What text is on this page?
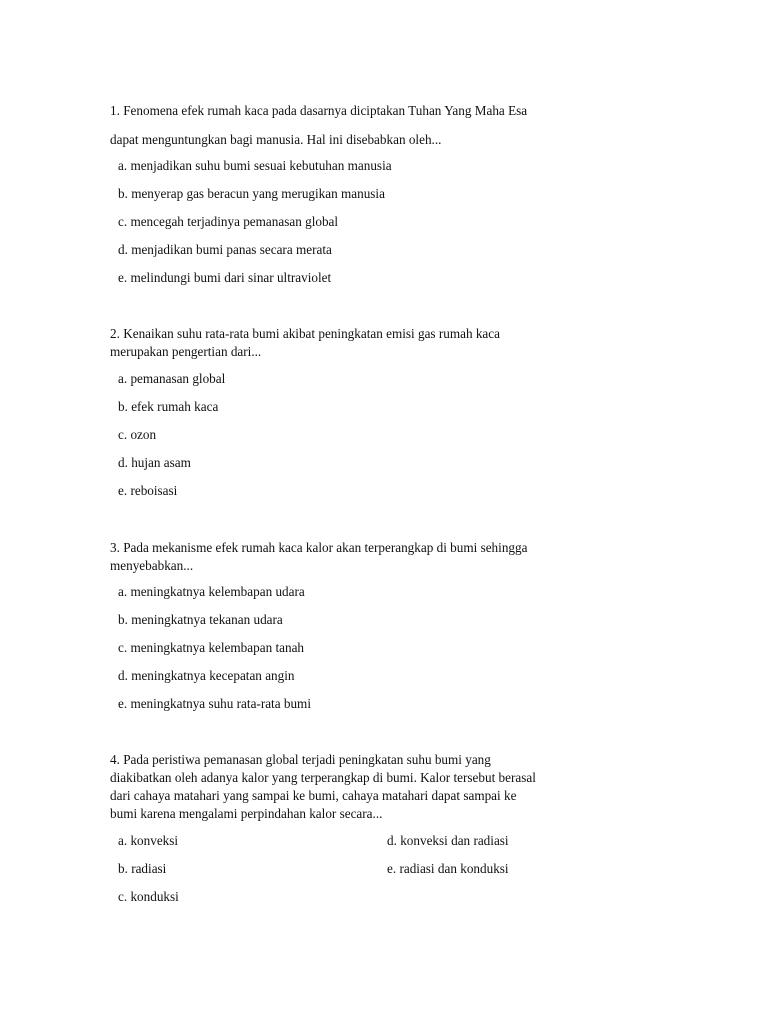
1. Fenomena efek rumah kaca pada dasarnya diciptakan Tuhan Yang Maha Esa
dapat menguntungkan bagi manusia. Hal ini disebabkan oleh...
a. menjadikan suhu bumi sesuai kebutuhan manusia
b. menyerap gas beracun yang merugikan manusia
c. mencegah terjadinya pemanasan global
d. menjadikan bumi panas secara merata
e. melindungi bumi dari sinar ultraviolet
2. Kenaikan suhu rata-rata bumi akibat peningkatan emisi gas rumah kaca
merupakan pengertian dari...
a. pemanasan global
b. efek rumah kaca
c. ozon
d. hujan asam
e. reboisasi
3. Pada mekanisme efek rumah kaca kalor akan terperangkap di bumi sehingga
menyebabkan...
a. meningkatnya kelembapan udara
b. meningkatnya tekanan udara
c. meningkatnya kelembapan tanah
d. meningkatnya kecepatan angin
e. meningkatnya suhu rata-rata bumi
4. Pada peristiwa pemanasan global terjadi peningkatan suhu bumi yang
diakibatkan oleh adanya kalor yang terperangkap di bumi. Kalor tersebut berasal
dari cahaya matahari yang sampai ke bumi, cahaya matahari dapat sampai ke
bumi karena mengalami perpindahan kalor secara...
a. konveksi
b. radiasi
c. konduksi
d. konveksi dan radiasi
e. radiasi dan konduksi
